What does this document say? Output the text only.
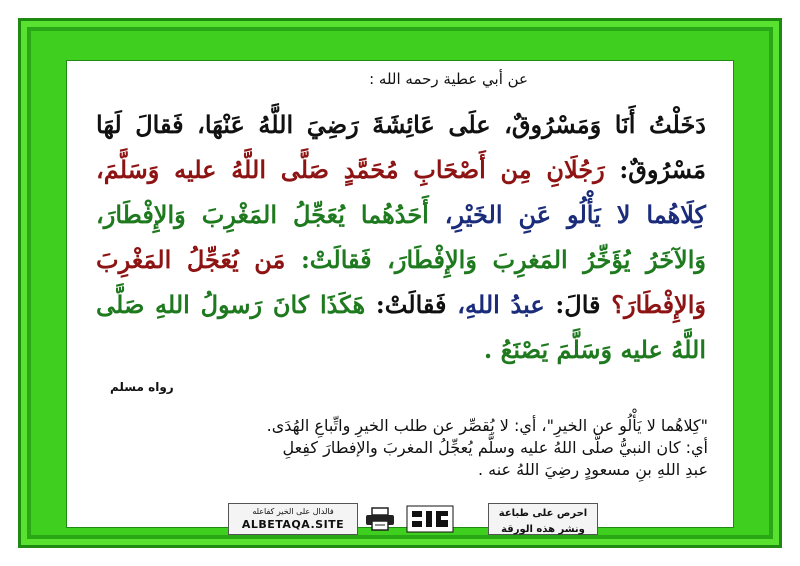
عن أبي عطية رحمه الله :
دَخَلْتُ أَنَا وَمَسْرُوقٌ، علَى عَائِشَةَ رَضِيَ اللَّهُ عَنْهَا، فَقالَ لَهَا مَسْرُوقٌ: رَجُلَانِ مِن أَصْحَابِ مُحَمَّدٍ صَلَّى اللَّهُ عليه وَسَلَّمَ، كِلَاهُما لا يَأْلُو عَنِ الخَيْرِ، أَحَدُهُما يُعَجِّلُ المَغْرِبَ وَالإِفْطَارَ، وَالآخَرُ يُؤَخِّرُ المَغرِبَ وَالإِفْطَارَ، فَقالَتْ: مَن يُعَجِّلُ المَغْرِبَ وَالإِفْطَارَ؟ قالَ: عبدُ اللهِ، فَقالَتْ: هَكَذَا كانَ رَسولُ اللهِ صَلَّى اللَّهُ عليه وَسَلَّمَ يَصْنَعُ .
رواه مسلم
"كِلاهُما لا يَأْلُو عن الخيرِ"، أي: لا يُقصِّر عن طلب الخيرِ واتِّباعِ الهُدَى.
أي: كان النبيُّ صلَّى اللهُ عليه وسلَّم يُعجِّلُ المغربَ والإفطارَ كفِعلِ
عبدِ اللهِ بنِ مسعودٍ رضِيَ اللهُ عنه .
فالدال على الخير كفاعله
ALBETAQA.SITE
احرص على طباعة
ونشر هذه الورقة
